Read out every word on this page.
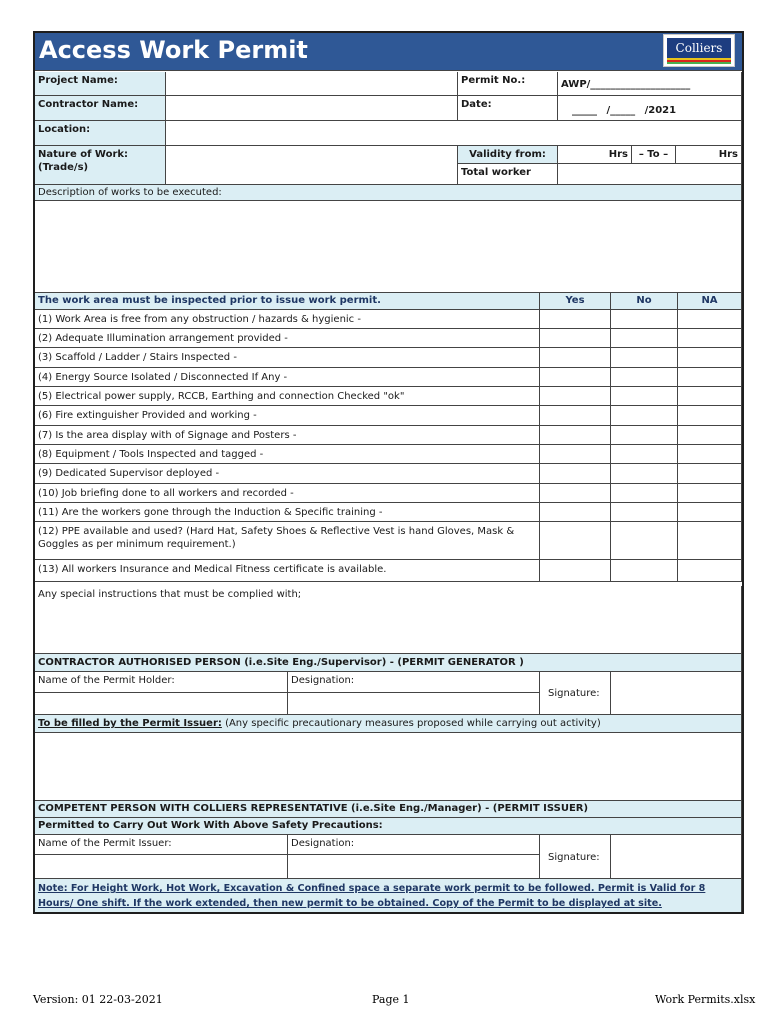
Access Work Permit	Colliers
Project Name:	Permit No.:	AWP/____________________
Contractor Name:	Date:
_____ /_____ /2021
Location:
Nature of Work:
(Trade/s)
Validity from:	Hrs	– To –	Hrs
Total worker
Description of works to be executed:
The work area must be inspected prior to issue work permit.	Yes	No	NA
(1) Work Area is free from any obstruction / hazards & hygienic -
(2) Adequate Illumination arrangement provided -
(3) Scaffold / Ladder / Stairs Inspected -
(4) Energy Source Isolated / Disconnected If Any -
(5) Electrical power supply, RCCB, Earthing and connection Checked "ok"
(6) Fire extinguisher Provided and working -
(7) Is the area display with of Signage and Posters -
(8) Equipment / Tools Inspected and tagged -
(9) Dedicated Supervisor deployed -
(10) Job briefing done to all workers and recorded -
(11) Are the workers gone through the Induction & Specific training -
(12) PPE available and used? (Hard Hat, Safety Shoes & Reflective Vest is hand Gloves, Mask & Goggles as per minimum requirement.)
(13) All workers Insurance and Medical Fitness certificate is available.
Any special instructions that must be complied with;
CONTRACTOR AUTHORISED PERSON (i.e.Site Eng./Supervisor) - (PERMIT GENERATOR )
Name of the Permit Holder:	Designation:
Signature:
To be filled by the Permit Issuer: (Any specific precautionary measures proposed while carrying out activity)
COMPETENT PERSON WITH COLLIERS REPRESENTATIVE (i.e.Site Eng./Manager) - (PERMIT ISSUER)
Permitted to Carry Out Work With Above Safety Precautions:
Name of the Permit Issuer:	Designation:
Signature:
Note: For Height Work, Hot Work, Excavation & Confined space a separate work permit to be followed. Permit is Valid for 8 Hours/ One shift. If the work extended, then new permit to be obtained. Copy of the Permit to be displayed at site.
Version: 01 22-03-2021	Page 1	Work Permits.xlsx
